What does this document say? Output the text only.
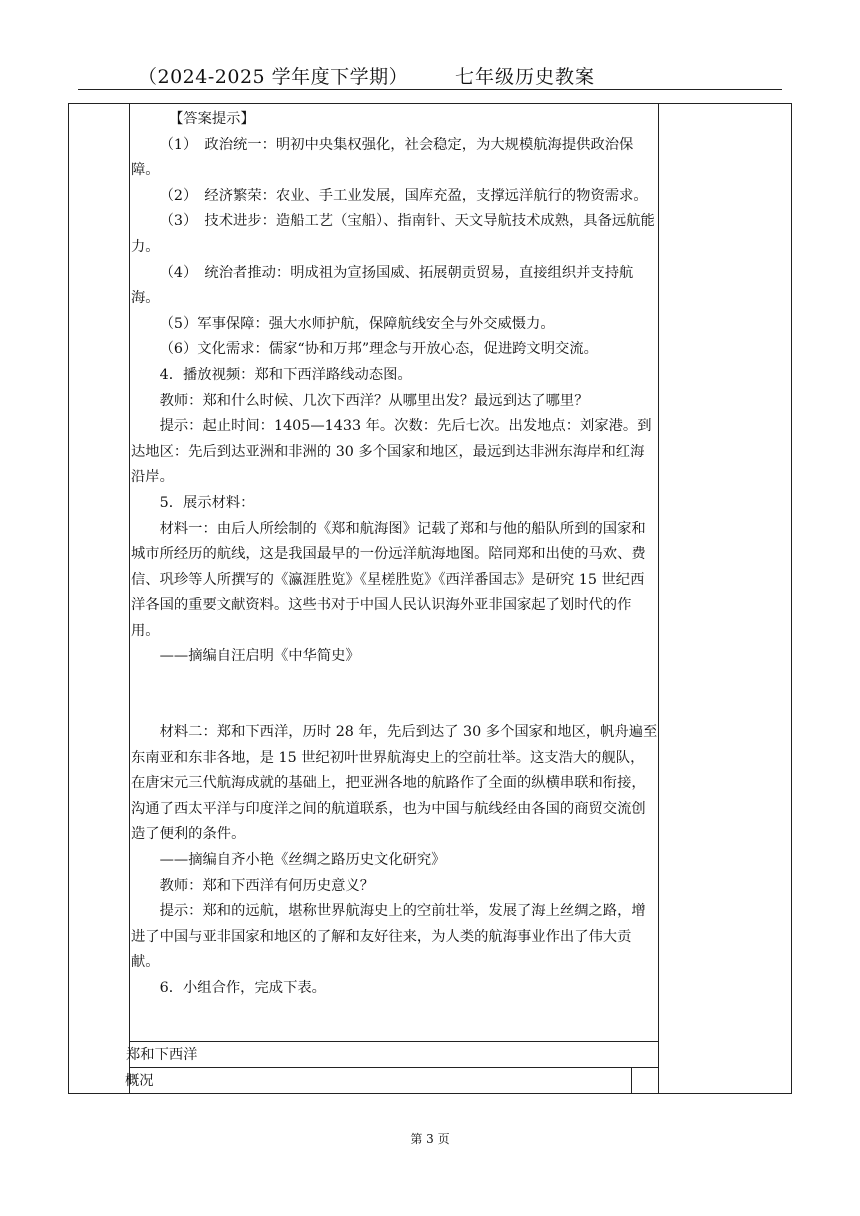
（2024-2025 学年度下学期） 七年级历史教案

【答案提示】

（1）　政治统一：明初中央集权强化，社会稳定，为大规模航海提供政治保障。

（2）　经济繁荣：农业、手工业发展，国库充盈，支撑远洋航行的物资需求。

（3）　技术进步：造船工艺（宝船）、指南针、天文导航技术成熟，具备远航能力。

（4）　统治者推动：明成祖为宣扬国威、拓展朝贡贸易，直接组织并支持航海。

（5）军事保障：强大水师护航，保障航线安全与外交威慑力。

（6）文化需求：儒家“协和万邦”理念与开放心态，促进跨文明交流。

4．播放视频：郑和下西洋路线动态图。

教师：郑和什么时候、几次下西洋？从哪里出发？最远到达了哪里？

提示：起止时间：1405—1433 年。次数：先后七次。出发地点：刘家港。到达地区：先后到达亚洲和非洲的 30 多个国家和地区，最远到达非洲东海岸和红海沿岸。

5．展示材料：

材料一：由后人所绘制的《郑和航海图》记载了郑和与他的船队所到的国家和城市所经历的航线，这是我国最早的一份远洋航海地图。陪同郑和出使的马欢、费信、巩珍等人所撰写的《瀛涯胜览》《星槎胜览》《西洋番国志》是研究 15 世纪西洋各国的重要文献资料。这些书对于中国人民认识海外亚非国家起了划时代的作用。

——摘编自汪启明《中华简史》

材料二：郑和下西洋，历时 28 年，先后到达了 30 多个国家和地区，帆舟遍至东南亚和东非各地，是 15 世纪初叶世界航海史上的空前壮举。这支浩大的舰队，在唐宋元三代航海成就的基础上，把亚洲各地的航路作了全面的纵横串联和衔接，沟通了西太平洋与印度洋之间的航道联系，也为中国与航线经由各国的商贸交流创造了便利的条件。

——摘编自齐小艳《丝绸之路历史文化研究》

教师：郑和下西洋有何历史意义？

提示：郑和的远航，堪称世界航海史上的空前壮举，发展了海上丝绸之路，增进了中国与亚非国家和地区的了解和友好往来，为人类的航海事业作出了伟大贡献。

6．小组合作，完成下表。

郑和下西洋
概况
第 3 页
